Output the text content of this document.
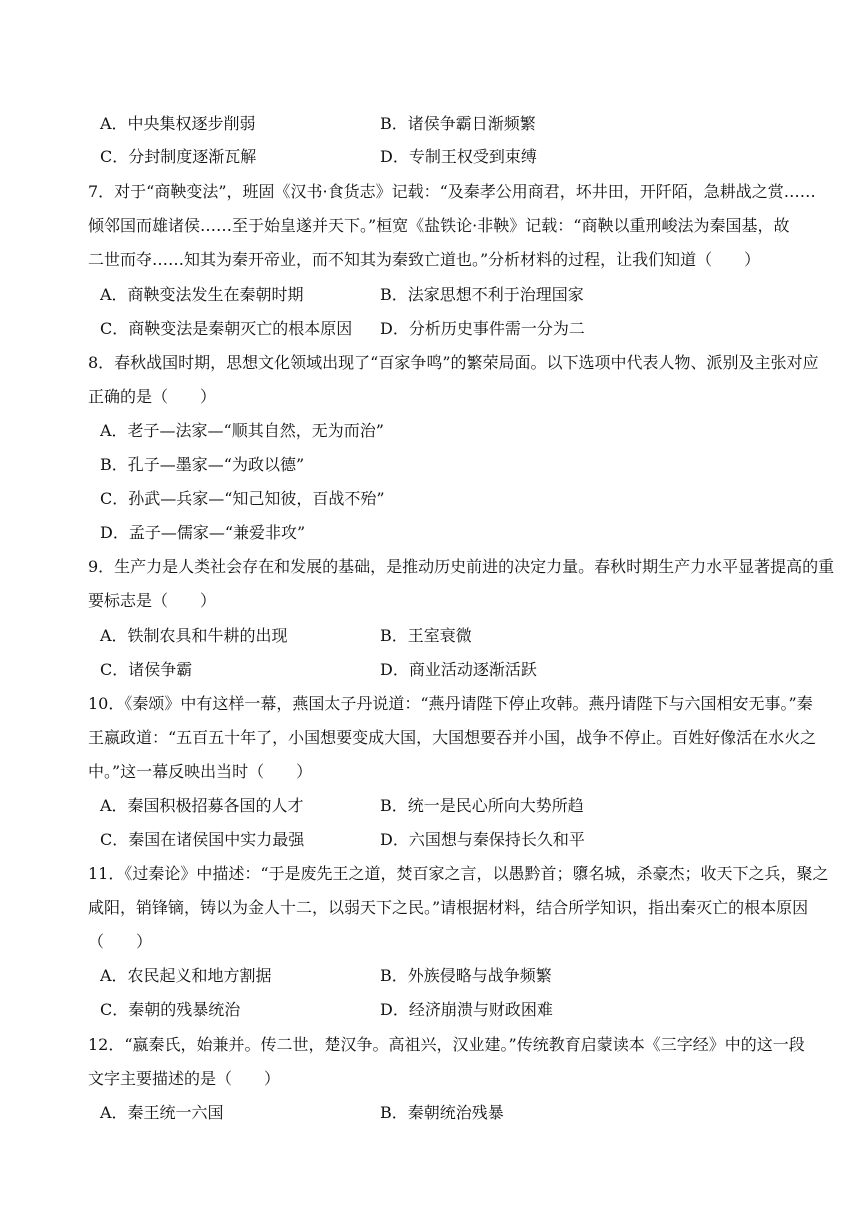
A．中央集权逐步削弱	B．诸侯争霸日渐频繁
C．分封制度逐渐瓦解	D．专制王权受到束缚
7．对于“商鞅变法”，班固《汉书·食货志》记载：“及秦孝公用商君，坏井田，开阡陌，急耕战之赏……
倾邻国而雄诸侯……至于始皇遂并天下。”桓宽《盐铁论·非鞅》记载：“商鞅以重刑峻法为秦国基，故
二世而夺……知其为秦开帝业，而不知其为秦致亡道也。”分析材料的过程，让我们知道（　　）
A．商鞅变法发生在秦朝时期	B．法家思想不利于治理国家
C．商鞅变法是秦朝灭亡的根本原因 D．分析历史事件需一分为二
8．春秋战国时期，思想文化领域出现了“百家争鸣”的繁荣局面。以下选项中代表人物、派别及主张对应
正确的是（　　）
A．老子—法家—“顺其自然，无为而治”
B．孔子—墨家—“为政以德”
C．孙武—兵家—“知己知彼，百战不殆”
D．孟子—儒家—“兼爱非攻”
9．生产力是人类社会存在和发展的基础，是推动历史前进的决定力量。春秋时期生产力水平显著提高的重
要标志是（　　）
A．铁制农具和牛耕的出现	B．王室衰微
C．诸侯争霸	D．商业活动逐渐活跃
10．《秦颂》中有这样一幕，燕国太子丹说道：“燕丹请陛下停止攻韩。燕丹请陛下与六国相安无事。”秦
王嬴政道：“五百五十年了，小国想要变成大国，大国想要吞并小国，战争不停止。百姓好像活在水火之
中。”这一幕反映出当时（　　）
A．秦国积极招募各国的人才	B．统一是民心所向大势所趋
C．秦国在诸侯国中实力最强	D．六国想与秦保持长久和平
11．《过秦论》中描述：“于是废先王之道，焚百家之言，以愚黔首；隳名城，杀豪杰；收天下之兵，聚之
咸阳，销锋镝，铸以为金人十二，以弱天下之民。”请根据材料，结合所学知识，指出秦灭亡的根本原因
（　　）
A．农民起义和地方割据	B．外族侵略与战争频繁
C．秦朝的残暴统治	D．经济崩溃与财政困难
12．“嬴秦氏，始兼并。传二世，楚汉争。高祖兴，汉业建。”传统教育启蒙读本《三字经》中的这一段
文字主要描述的是（　　）
A．秦王统一六国	B．秦朝统治残暴
